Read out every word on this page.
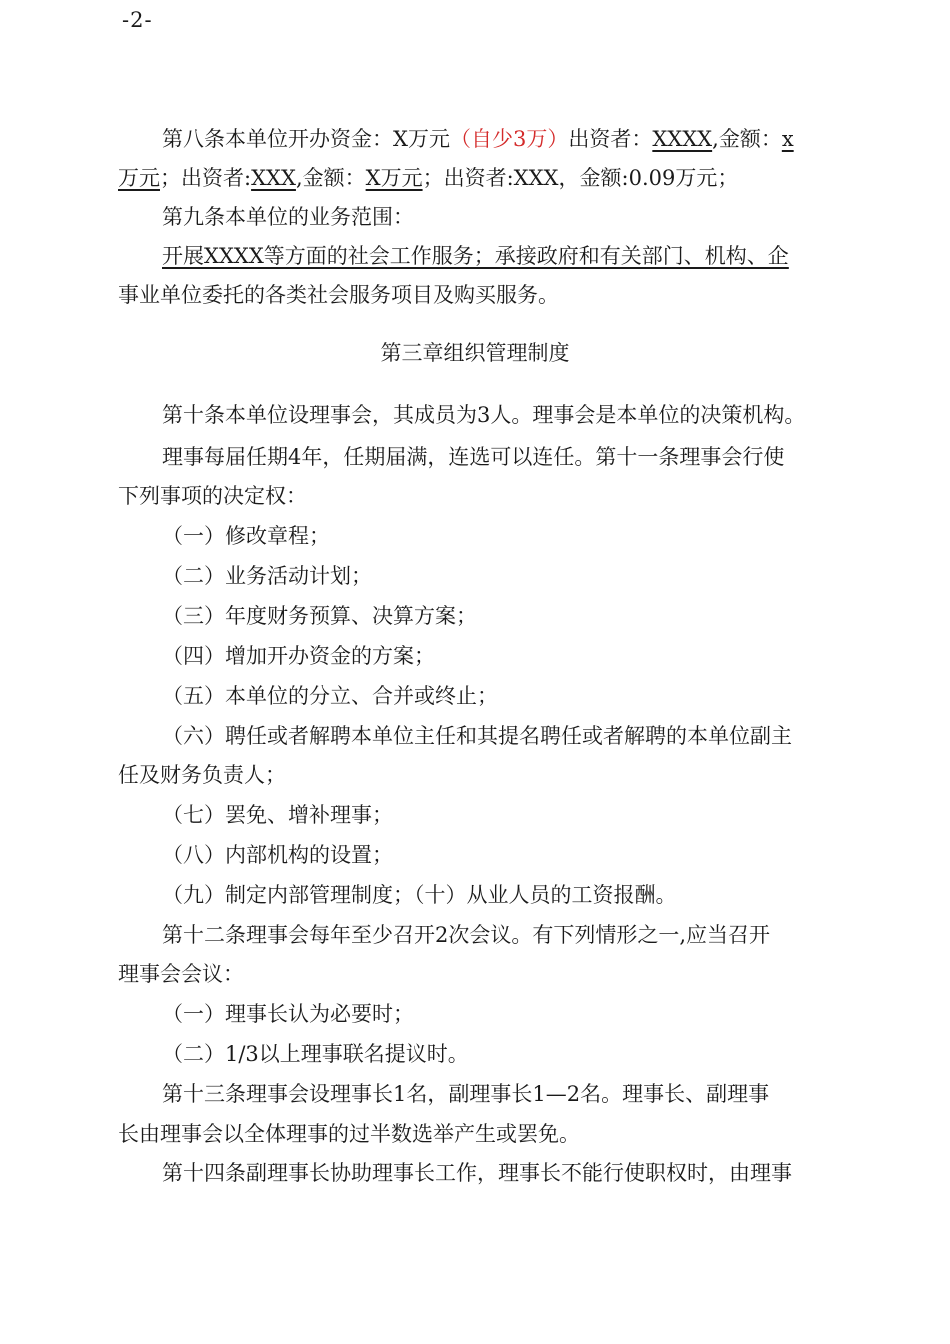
-2-
第八条本单位开办资金：X万元（自少3万）出资者：XXXX,金额：x
万元；出资者:XXX,金额：X万元；出资者:XXX，金额:0.09万元；
第九条本单位的业务范围：
开展XXXX等方面的社会工作服务；承接政府和有关部门、机构、企
事业单位委托的各类社会服务项目及购买服务。
第三章组织管理制度
第十条本单位设理事会，其成员为3人。理事会是本单位的决策机构。
理事每届任期4年，任期届满，连选可以连任。第十一条理事会行使
下列事项的决定权：
（一）修改章程；
（二）业务活动计划；
（三）年度财务预算、决算方案；
（四）增加开办资金的方案；
（五）本单位的分立、合并或终止；
（六）聘任或者解聘本单位主任和其提名聘任或者解聘的本单位副主
任及财务负责人；
（七）罢免、增补理事；
（八）内部机构的设置；
（九）制定内部管理制度；（十）从业人员的工资报酬。
第十二条理事会每年至少召开2次会议。有下列情形之一,应当召开
理事会会议：
（一）理事长认为必要时；
（二）1/3以上理事联名提议时。
第十三条理事会设理事长1名，副理事长1—2名。理事长、副理事
长由理事会以全体理事的过半数选举产生或罢免。
第十四条副理事长协助理事长工作，理事长不能行使职权时，由理事
